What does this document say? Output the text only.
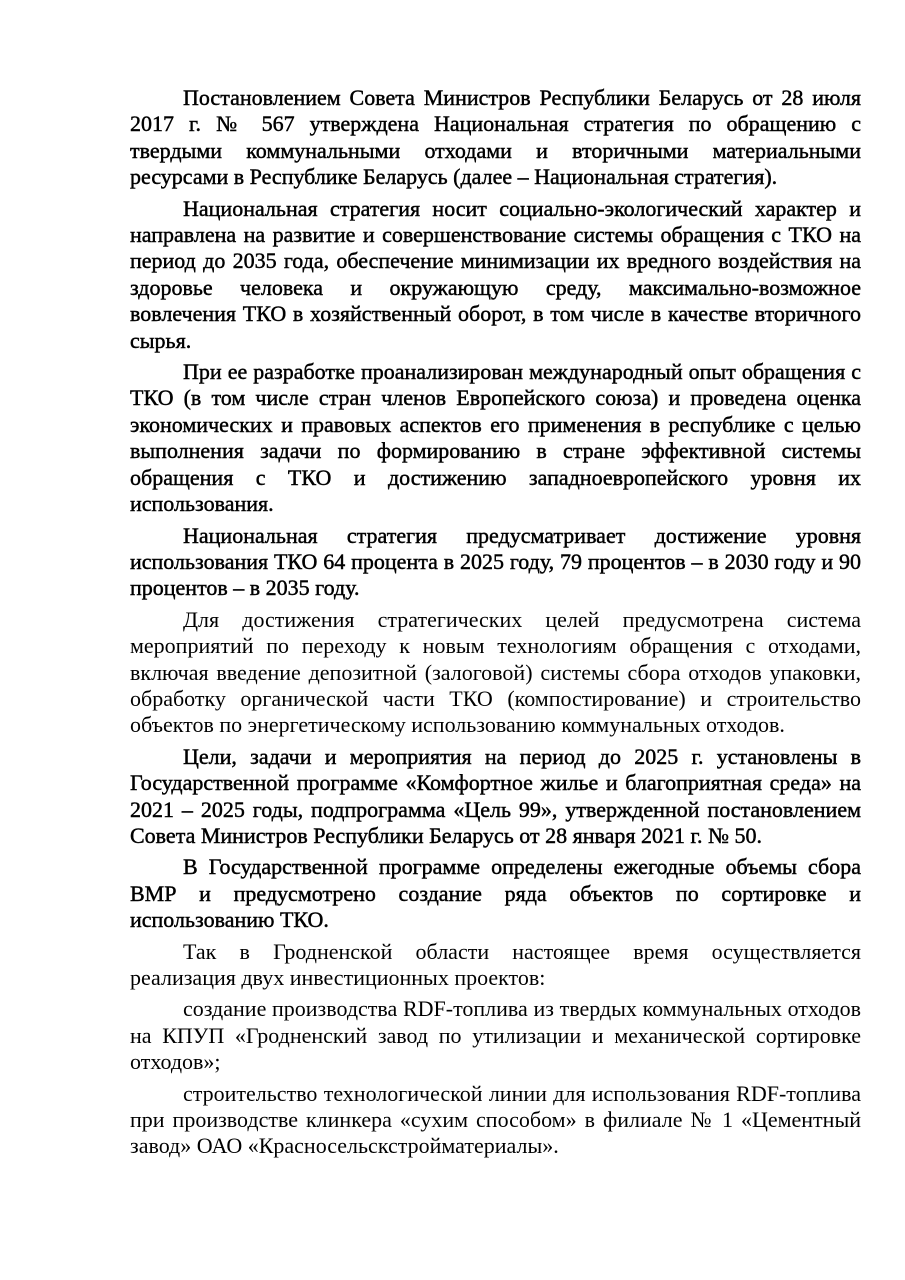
Постановлением Совета Министров Республики Беларусь от 28 июля 2017 г. № 567 утверждена Национальная стратегия по обращению с твердыми коммунальными отходами и вторичными материальными ресурсами в Республике Беларусь (далее – Национальная стратегия).

Национальная стратегия носит социально-экологический характер и направлена на развитие и совершенствование системы обращения с ТКО на период до 2035 года, обеспечение минимизации их вредного воздействия на здоровье человека и окружающую среду, максимально-возможное вовлечения ТКО в хозяйственный оборот, в том числе в качестве вторичного сырья.

При ее разработке проанализирован международный опыт обращения с ТКО (в том числе стран членов Европейского союза) и проведена оценка экономических и правовых аспектов его применения в республике с целью выполнения задачи по формированию в стране эффективной системы обращения с ТКО и достижению западноевропейского уровня их использования.

Национальная стратегия предусматривает достижение уровня использования ТКО 64 процента в 2025 году, 79 процентов – в 2030 году и 90 процентов – в 2035 году.

Для достижения стратегических целей предусмотрена система мероприятий по переходу к новым технологиям обращения с отходами, включая введение депозитной (залоговой) системы сбора отходов упаковки, обработку органической части ТКО (компостирование) и строительство объектов по энергетическому использованию коммунальных отходов.

Цели, задачи и мероприятия на период до 2025 г. установлены в Государственной программе «Комфортное жилье и благоприятная среда» на 2021 – 2025 годы, подпрограмма «Цель 99», утвержденной постановлением Совета Министров Республики Беларусь от 28 января 2021 г. № 50.

В Государственной программе определены ежегодные объемы сбора ВМР и предусмотрено создание ряда объектов по сортировке и использованию ТКО.

Так в Гродненской области настоящее время осуществляется реализация двух инвестиционных проектов:

создание производства RDF-топлива из твердых коммунальных отходов на КПУП «Гродненский завод по утилизации и механической сортировке отходов»;

строительство технологической линии для использования RDF-топлива при производстве клинкера «сухим способом» в филиале № 1 «Цементный завод» ОАО «Красносельскстройматериалы».
